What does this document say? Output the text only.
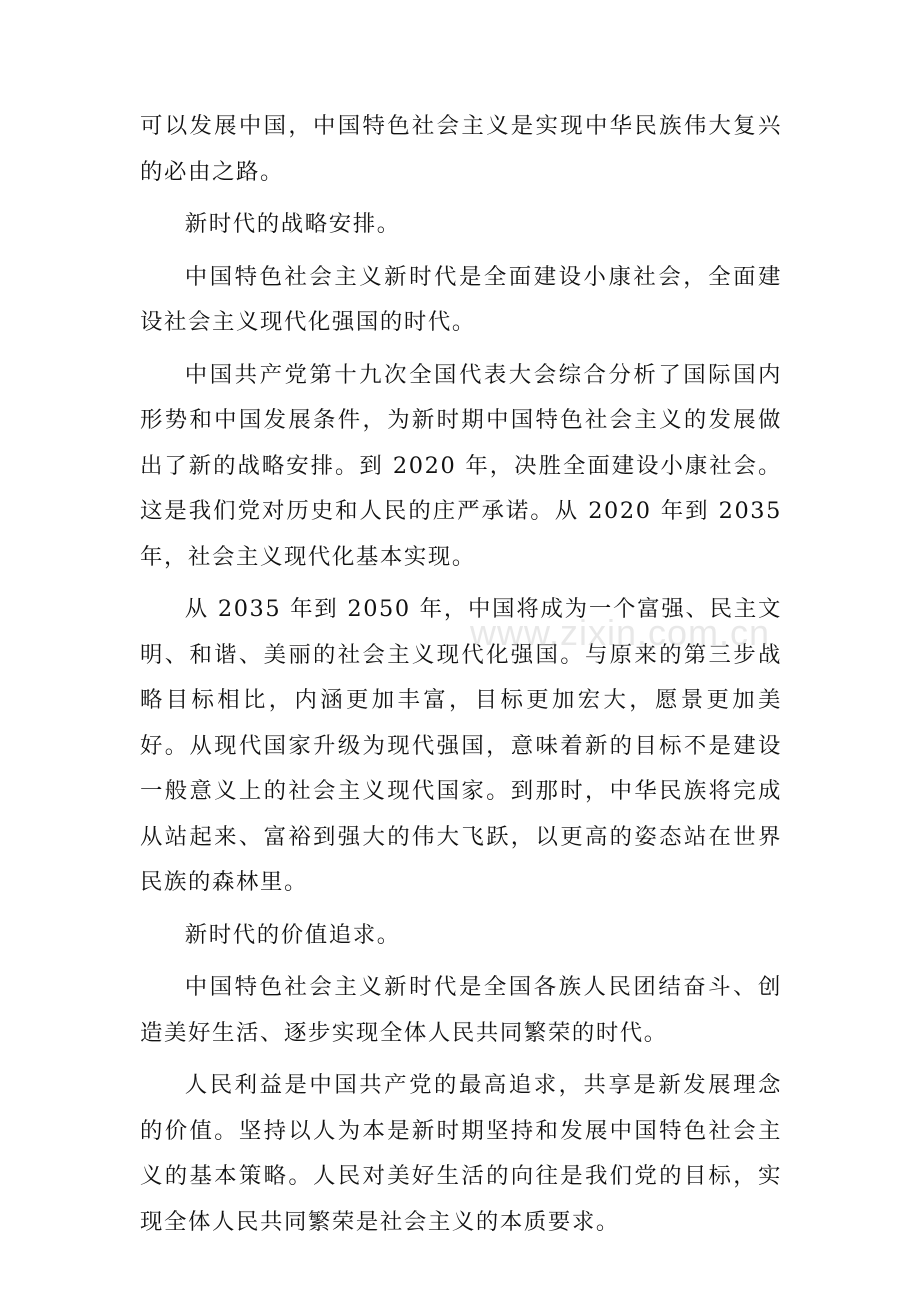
可以发展中国，中国特色社会主义是实现中华民族伟大复兴的必由之路。

新时代的战略安排。

中国特色社会主义新时代是全面建设小康社会，全面建设社会主义现代化强国的时代。

中国共产党第十九次全国代表大会综合分析了国际国内形势和中国发展条件，为新时期中国特色社会主义的发展做出了新的战略安排。到 2020 年，决胜全面建设小康社会。这是我们党对历史和人民的庄严承诺。从 2020 年到 2035 年，社会主义现代化基本实现。

从 2035 年到 2050 年，中国将成为一个富强、民主文明、和谐、美丽的社会主义现代化强国。与原来的第三步战略目标相比，内涵更加丰富，目标更加宏大，愿景更加美好。从现代国家升级为现代强国，意味着新的目标不是建设一般意义上的社会主义现代国家。到那时，中华民族将完成从站起来、富裕到强大的伟大飞跃，以更高的姿态站在世界民族的森林里。

新时代的价值追求。

中国特色社会主义新时代是全国各族人民团结奋斗、创造美好生活、逐步实现全体人民共同繁荣的时代。

人民利益是中国共产党的最高追求，共享是新发展理念的价值。坚持以人为本是新时期坚持和发展中国特色社会主义的基本策略。人民对美好生活的向往是我们党的目标，实现全体人民共同繁荣是社会主义的本质要求。

www.zixin.com.cn
